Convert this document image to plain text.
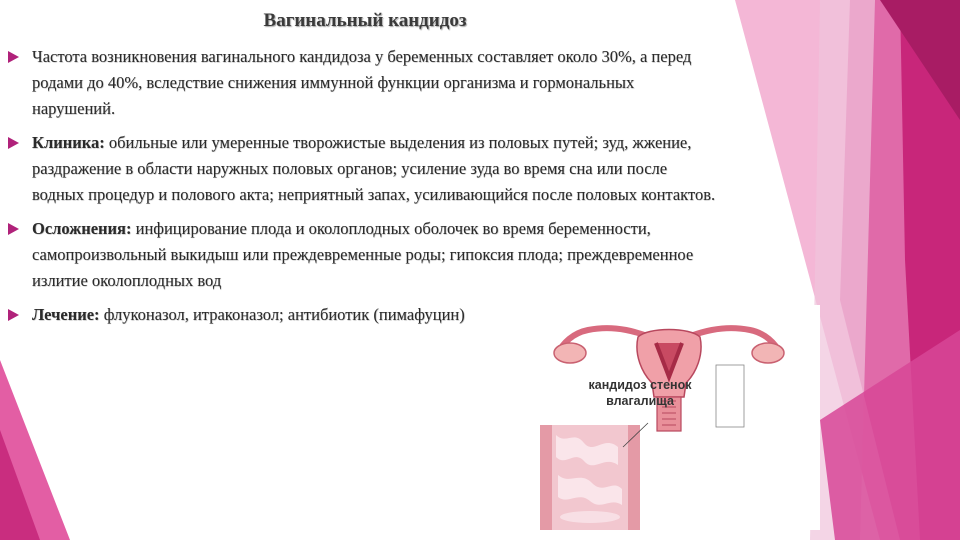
Вагинальный кандидоз
Частота возникновения вагинального кандидоза у беременных составляет около 30%, а перед родами до 40%, вследствие снижения иммунной функции организма и гормональных нарушений.
Клиника: обильные или умеренные творожистые выделения из половых путей; зуд, жжение, раздражение в области наружных половых органов; усиление зуда во время сна или после водных процедур и полового акта; неприятный запах, усиливающийся после половых контактов.
Осложнения: инфицирование плода и околоплодных оболочек во время беременности, самопроизвольный выкидыш или преждевременные роды; гипоксия плода; преждевременное излитие околоплодных вод
Лечение: флуконазол, итраконазол; антибиотик (пимафуцин)
кандидоз стенок
влагалища
